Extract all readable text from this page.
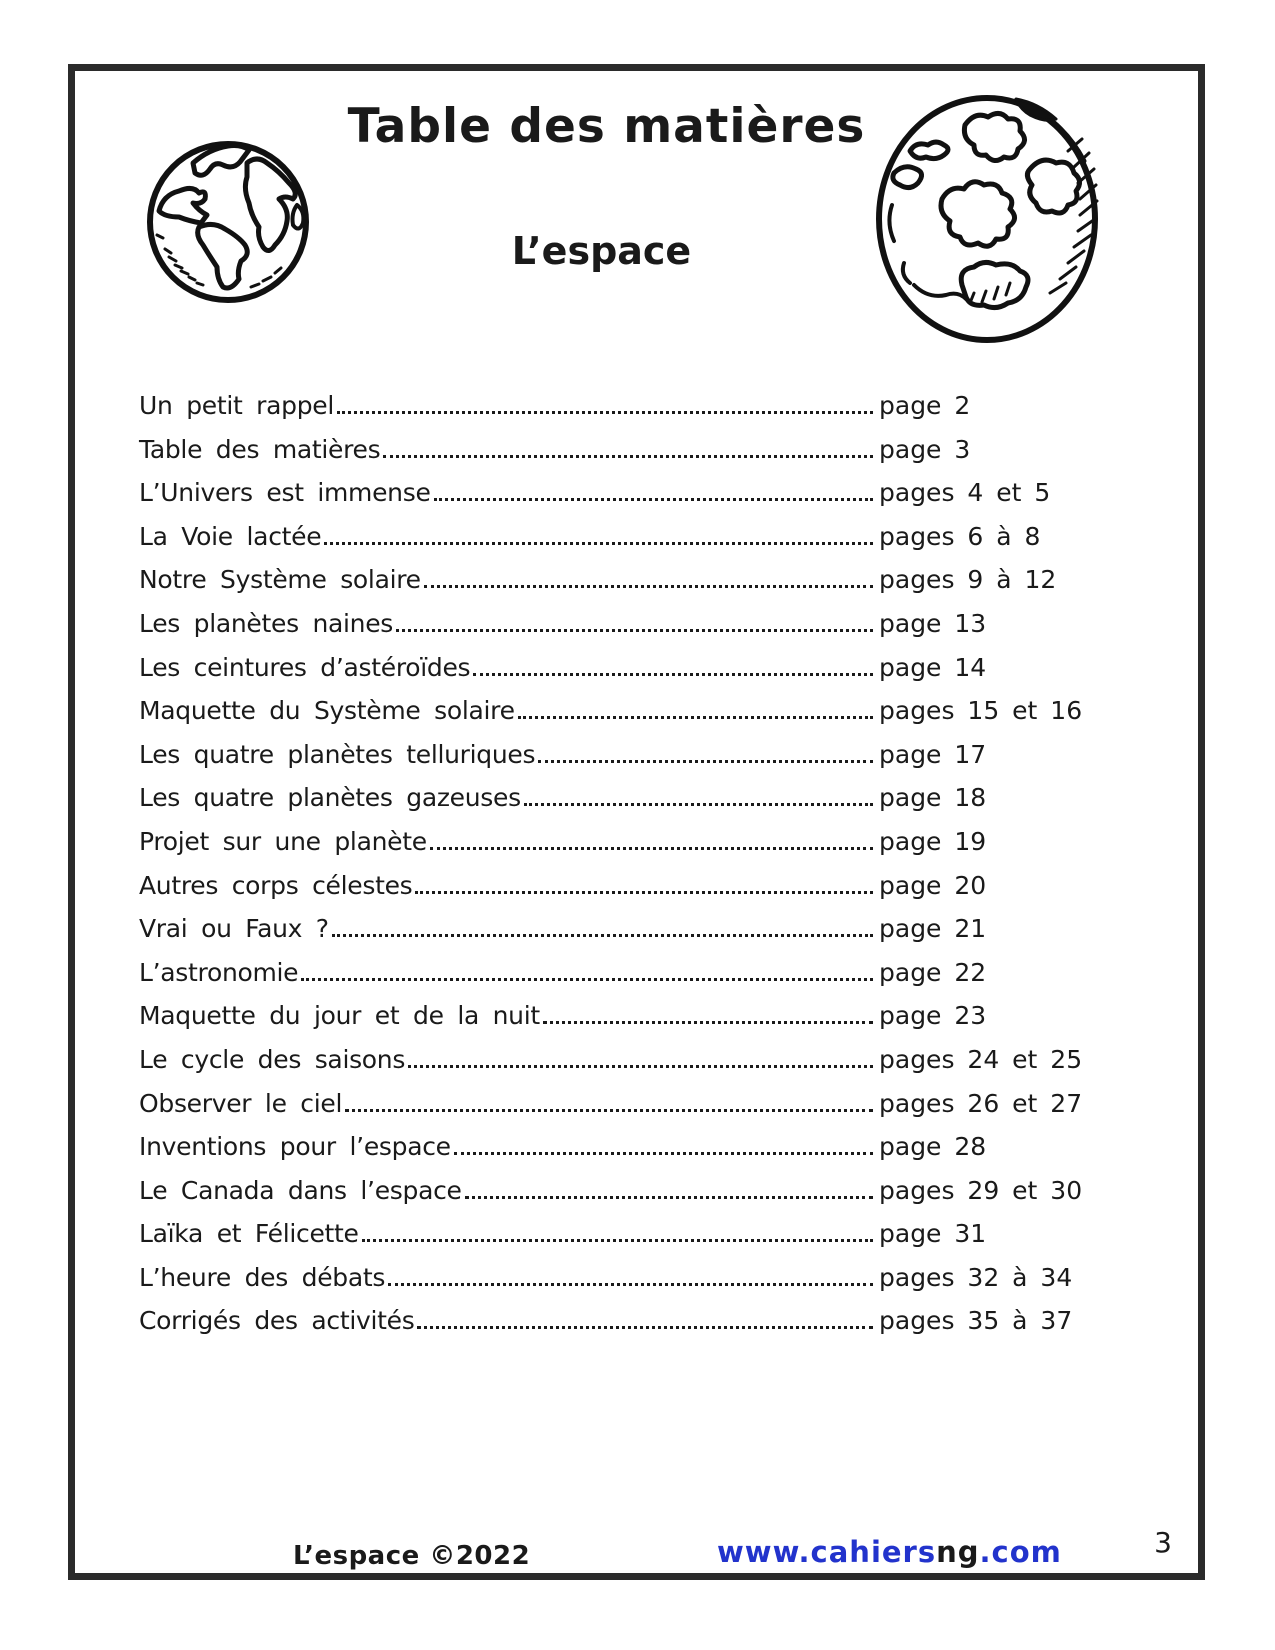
Table des matières
L’espace
Un petit rappel	page 2
Table des matières	page 3
L’Univers est immense	pages 4 et 5
La Voie lactée	pages 6 à 8
Notre Système solaire	pages 9 à 12
Les planètes naines	page 13
Les ceintures d’astéroïdes	page 14
Maquette du Système solaire	pages 15 et 16
Les quatre planètes telluriques	page 17
Les quatre planètes gazeuses	page 18
Projet sur une planète	page 19
Autres corps célestes	page 20
Vrai ou Faux ?	page 21
L’astronomie	page 22
Maquette du jour et de la nuit	page 23
Le cycle des saisons	pages 24 et 25
Observer le ciel	pages 26 et 27
Inventions pour l’espace	page 28
Le Canada dans l’espace	pages 29 et 30
Laïka et Félicette	page 31
L’heure des débats	pages 32 à 34
Corrigés des activités	pages 35 à 37
L’espace ©2022	www.cahiersng.com	3
